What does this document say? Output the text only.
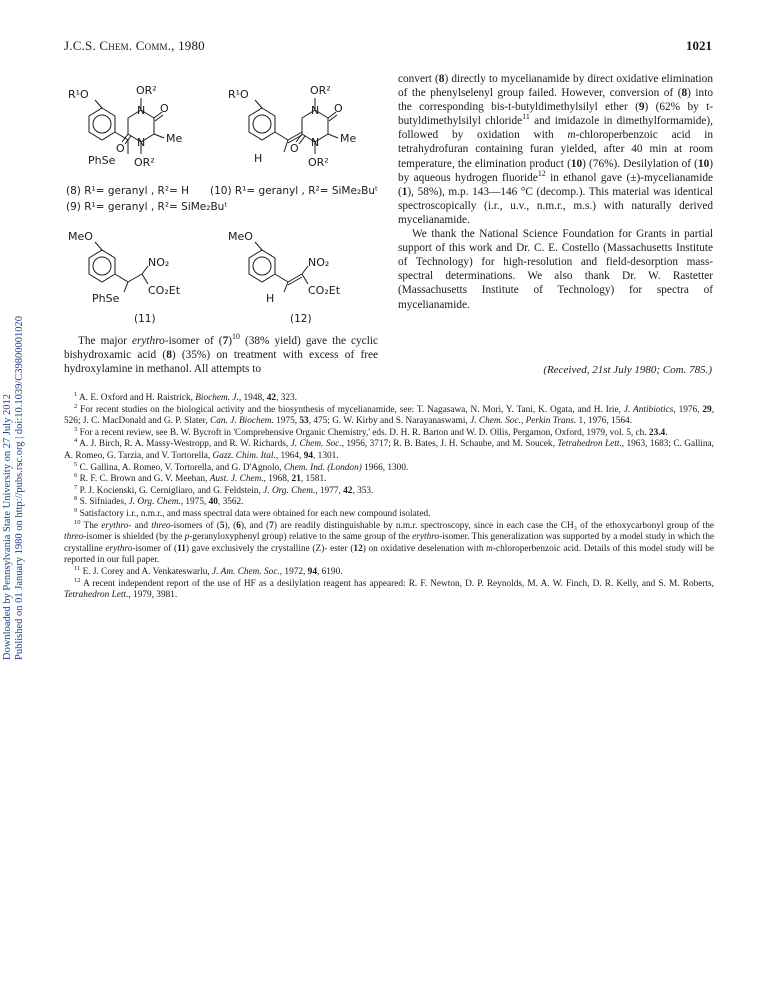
Downloaded by Pennsylvania State University on 27 July 2012 Published on 01 January 1980 on http://pubs.rsc.org | doi:10.1039/C39800001020
J.C.S. Chem. Comm., 1980	1021
R¹O	OR²
N O
Me
PhSe
N
O
OR²
R¹O	OR²
N O
Me
H
O N
OR²
MeO
NO₂
PhSe
CO₂Et
MeO
NO₂
H
CO₂Et
(8) R¹= geranyl , R²= H (10) R¹= geranyl , R²= SiMe₂Buᵗ
(9) R¹= geranyl , R²= SiMe₂Buᵗ
(11)	(12)

The major erythro-isomer of $(7)^{10}$ (38% yield) gave the cyclic bishydroxamic acid (8) (35%) on treatment with excess of free hydroxylamine in methanol. All attempts to

convert (8) directly to mycelianamide by direct oxidative elimination of the phenylselenyl group failed. However, conversion of (8) into the corresponding bis-t-butyldimethylsilyl ether (9) (62% by t-butyldimethylsilyl chloride$^{11}$ and imidazole in dimethylformamide), followed by oxidation with m-chloroperbenzoic acid in tetrahydrofuran containing furan yielded, after 40 min at room temperature, the elimination product (10) (76%). Desilylation of (10) by aqueous hydrogen fluoride$^{12}$ in ethanol gave (±)-mycelianamide (1), 58%), m.p. 143—146 °C (decomp.). This material was identical spectroscopically (i.r., u.v., n.m.r., m.s.) with naturally derived mycelianamide.

We thank the National Science Foundation for Grants in partial support of this work and Dr. C. E. Costello (Massachusetts Institute of Technology) for high-resolution and field-desorption mass-spectral determinations. We also thank Dr. W. Rastetter (Massachusetts Institute of Technology) for spectra of mycelianamide.

(Received, 21st July 1980; Com. 785.)

$^1$ A. E. Oxford and H. Raistrick, Biochem. J., 1948, 42, 323.

$^2$ For recent studies on the biological activity and the biosynthesis of mycelianamide, see: T. Nagasawa, N. Mori, Y. Tani, K. Ogata, and H. Irie, J. Antibiotics, 1976, 29, 526; J. C. MacDonald and G. P. Slater, Can. J. Biochem. 1975, 53, 475; G. W. Kirby and S. Narayanaswami, J. Chem. Soc., Perkin Trans. 1, 1976, 1564.

$^3$ For a recent review, see B. W. Bycroft in 'Comprehensive Organic Chemistry,' eds. D. H. R. Barton and W. D. Ollis, Pergamon, Oxford, 1979, vol. 5, ch. 23.4.

$^4$ A. J. Birch, R. A. Massy-Westropp, and R. W. Richards, J. Chem. Soc., 1956, 3717; R. B. Bates, J. H. Schaube, and M. Soucek, Tetrahedron Lett., 1963, 1683; C. Gallina, A. Romeo, G. Tarzia, and V. Tortorella, Gazz. Chim. Ital., 1964, 94, 1301.

$^5$ C. Gallina, A. Romeo, V. Tortorella, and G. D'Agnolo, Chem. Ind. (London) 1966, 1300.

$^6$ R. F. C. Brown and G. V. Meehan, Aust. J. Chem., 1968, 21, 1581.

$^7$ P. J. Kocienski, G. Cernigliaro, and G. Feldstein, J. Org. Chem., 1977, 42, 353.

$^8$ S. Sifniades, J. Org. Chem., 1975, 40, 3562.

$^9$ Satisfactory i.r., n.m.r., and mass spectral data were obtained for each new compound isolated.

$^{10}$ The erythro- and threo-isomers of (5), (6), and (7) are readily distinguishable by n.m.r. spectroscopy, since in each case the CH₃ of the ethoxycarbonyl group of the threo-isomer is shielded (by the p-geranyloxyphenyl group) relative to the same group of the erythro-isomer. This generalization was supported by a model study in which the crystalline erythro-isomer of (11) gave exclusively the crystalline (Z)- ester (12) on oxidative deselenation with m-chloroperbenzoic acid. Details of this model study will be reported in our full paper.

$^{11}$ E. J. Corey and A. Venkateswarlu, J. Am. Chem. Soc., 1972, 94, 6190.

$^{12}$ A recent independent report of the use of HF as a desilylation reagent has appeared: R. F. Newton, D. P. Reynolds, M. A. W. Finch, D. R. Kelly, and S. M. Roberts, Tetrahedron Lett., 1979, 3981.
